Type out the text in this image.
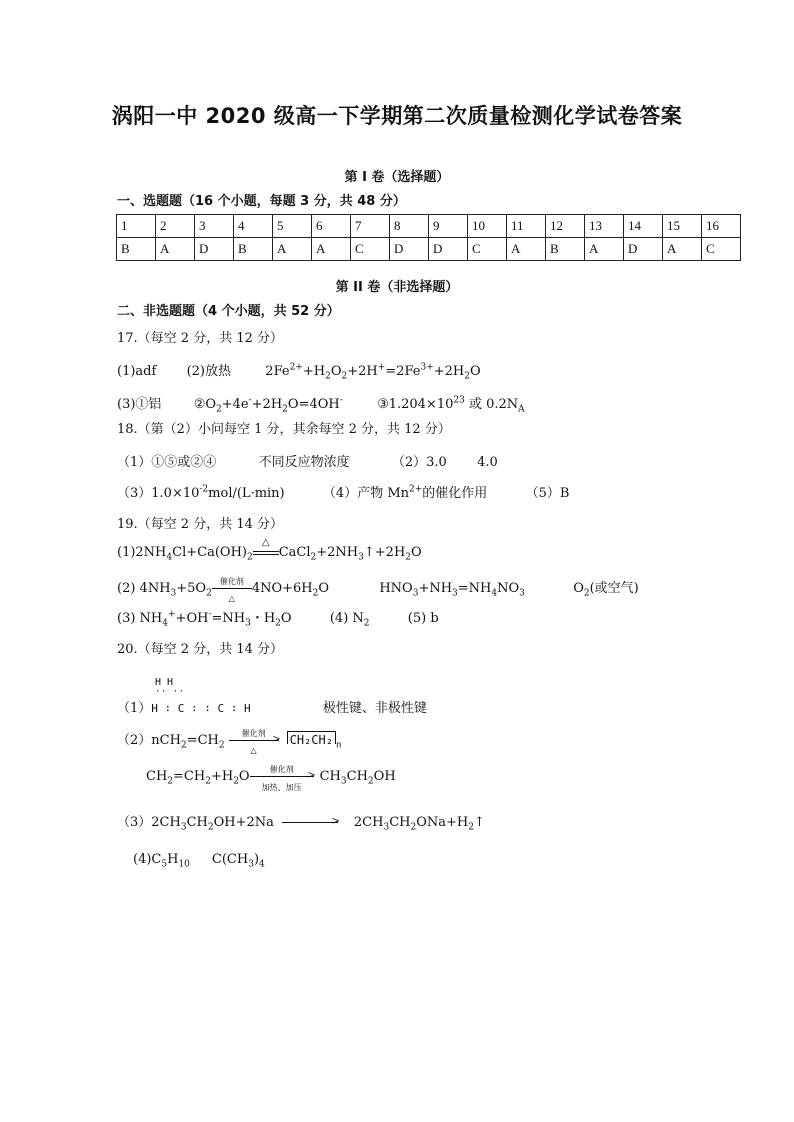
涡阳一中 2020 级高一下学期第二次质量检测化学试卷答案
第 I 卷（选择题）
一、选题题（16 个小题，每题 3 分，共 48 分）
1	2	3	4	5	6	7	8	9	10	11	12	13	14	15	16
B	A	D	B	A	A	C	D	D	C	A	B	A	D	A	C
第 II 卷（非选择题）
二、非选题题（4 个小题，共 52 分）
17.（每空 2 分，共 12 分）
(1)adf (2)放热	$2Fe^{2+}+H_2O_2+2H^+=2Fe^{3+}+2H_2O$
(3)①铝 $②O_2+4e^-+2H_2O=4OH^-$	$③1.204\times 10^{23}$ 或 $0.2N_A$
18.（第（2）小问每空 1 分，其余每空 2 分，共 12 分）
（1）①⑤或②④	不同反应物浓度	（2）3.0 4.0
$(3)1.0\times 10^{-2}mol/(L\cdot\min)$	（4）产物 $Mn^{2+}$的催化作用	（5）B
19.（每空 2 分，共 14 分）
$(1)2NH_4Cl+Ca(OH)_2$
△
$CaCl_2+2NH_3↑+2H_2O$
(2) $4NH_3+5O_2$
催化剂
△
$4NO+6H_2O$	$HNO_3+NH_3=NH_4NO_3$	$O_2$(或空气)
(3) $NH_4^++OH^-=NH_3$・$H_2O$	(4) $N_2$	(5) b
20.（每空 2 分，共 14 分）
H H
·· ··
（1）H ∶ C ∶ ∶ C ∶ H	极性键、非极性键
$(2)nCH_2=CH_2$
催化剂
>
△
CH₂CH₂ $_n$
$CH_2=CH_2+H_2O$	催化剂
>
加热、加压
$CH_3CH_2OH$
$(3)2CH_3CH_2OH+2Na$	> $2CH_3CH_2ONa+H_2↑$
$(4)C_5H_{10}$ $C(CH_3)_4$
